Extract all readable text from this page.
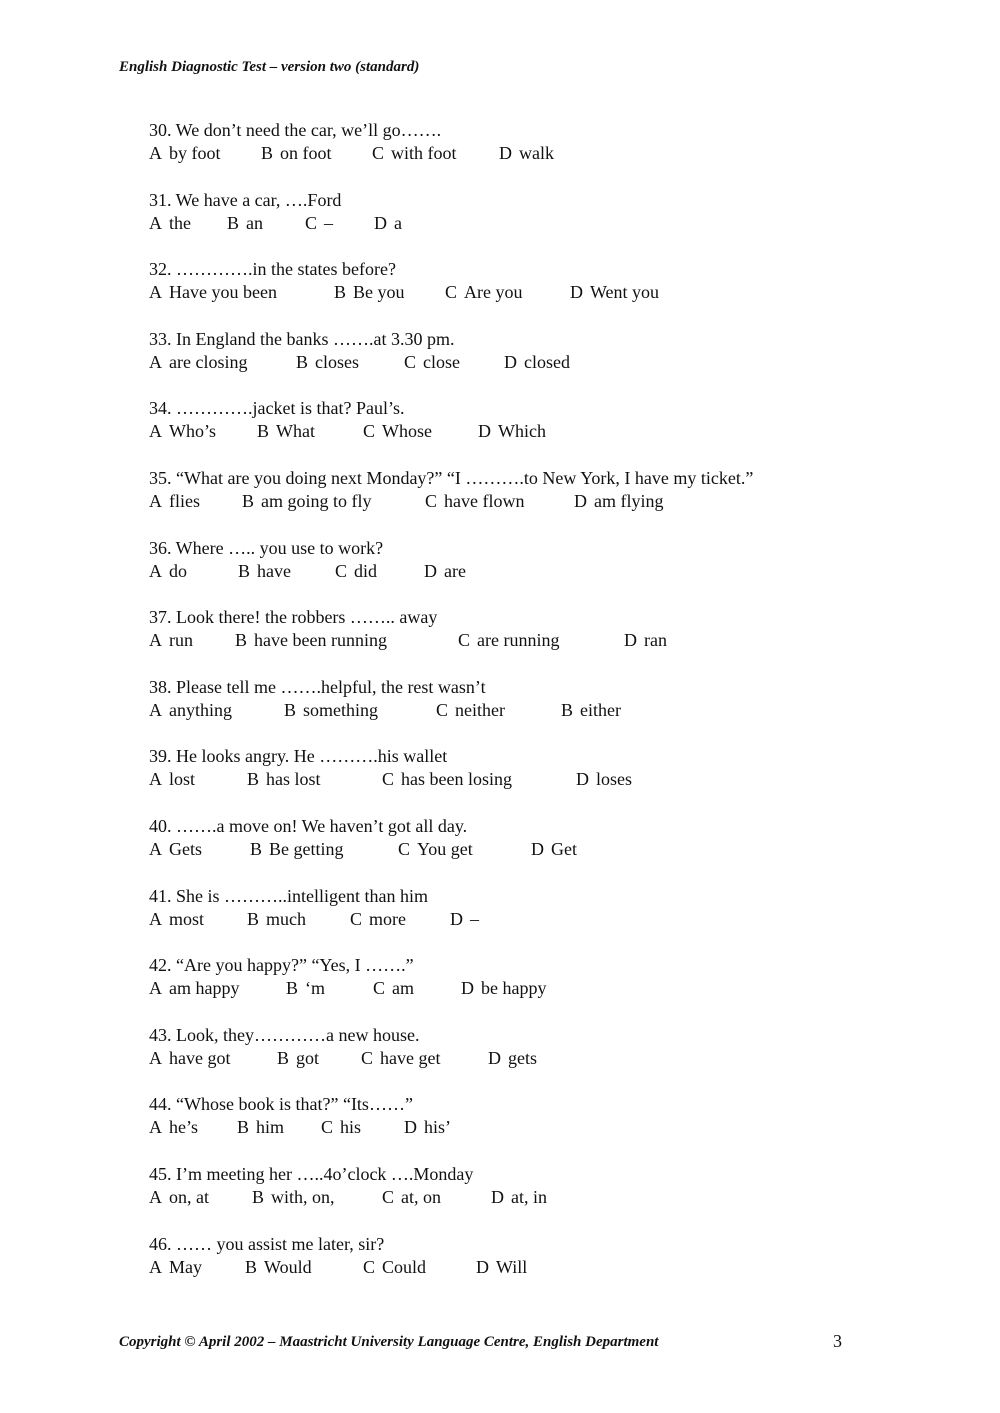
English Diagnostic Test – version two (standard)
30. We don’t need the car, we’ll go…….
A by foot B on foot C with foot D walk
31. We have a car, ….Ford
A the B an C – D a
32. ………….in the states before?
A Have you been	B Be you C Are you	D Went you
33. In England the banks …….at 3.30 pm.
A are closing	B closes C close D closed
34. ………….jacket is that? Paul’s.
A Who’s B What	C Whose	D Which
35. “What are you doing next Monday?” “I ……….to New York, I have my ticket.”
A flies B am going to fly	C have flown	D am flying
36. Where ….. you use to work?
A do	B have C did	D are
37. Look there! the robbers …….. away
A run B have been running	C are running	D ran
38. Please tell me …….helpful, the rest wasn’t
A anything	B something	C neither	B either
39. He looks angry. He ……….his wallet
A lost	B has lost	C has been losing	D loses
40. …….a move on! We haven’t got all day.
A Gets	B Be getting	C You get	D Get
41. She is ………..intelligent than him
A most B much C more D –
42. “Are you happy?” “Yes, I …….”
A am happy	B ‘m	C am	D be happy
43. Look, they…………a new house.
A have got	B got C have get	D gets
44. “Whose book is that?” “Its……”
A he’s B him C his D his’
45. I’m meeting her …..4o’clock ….Monday
A on, at B with, on,	C at, on	D at, in
46. …… you assist me later, sir?
A May B Would	C Could	D Will
Copyright © April 2002 – Maastricht University Language Centre, English Department	3
